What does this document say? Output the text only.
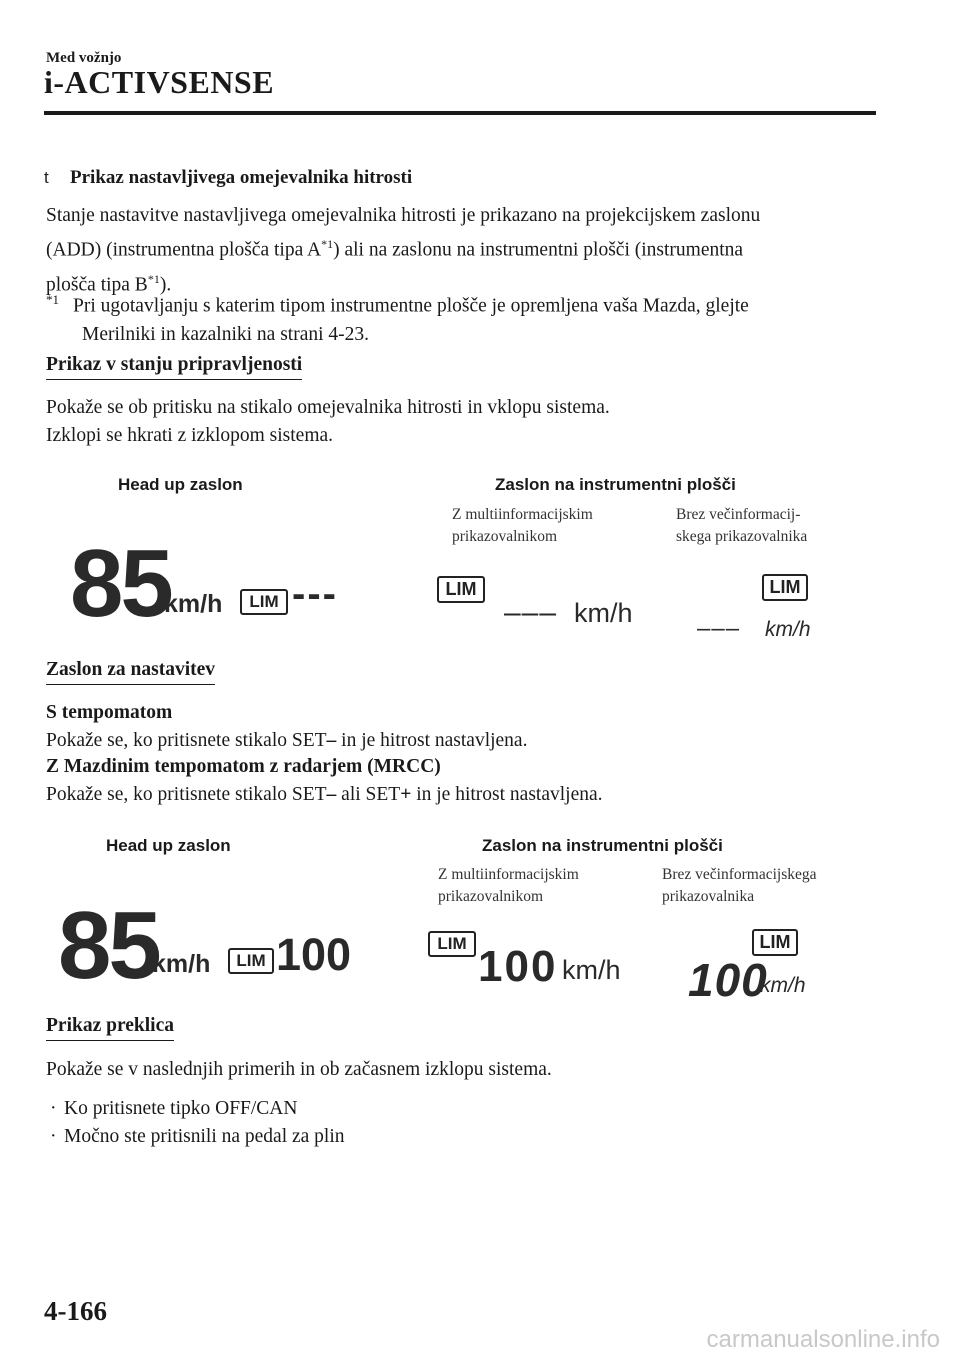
Med vožnjo
i-ACTIVSENSE
t Prikaz nastavljivega omejevalnika hitrosti
Stanje nastavitve nastavljivega omejevalnika hitrosti je prikazano na projekcijskem zaslonu
(ADD) (instrumentna plošča tipa $A^{*1}$) ali na zaslonu na instrumentni plošči (instrumentna
plošča tipa $B^{*1}$).
$^{*1}$ Pri ugotavljanju s katerim tipom instrumentne plošče je opremljena vaša Mazda, glejte
Merilniki in kazalniki na strani 4-23.
Prikaz v stanju pripravljenosti
Pokaže se ob pritisku na stikalo omejevalnika hitrosti in vklopu sistema.
Izklopi se hkrati z izklopom sistema.
Head up zaslon	Zaslon na instrumentni plošči
Z multiinformacijskim
prikazovalnikom
Brez večinformacij-
skega prikazovalnika
85
km/h	LIM ---	LIM
––– km/h
LIM
––– km/h
Zaslon za nastavitev
S tempomatom
Pokaže se, ko pritisnete stikalo SET– in je hitrost nastavljena.
Z Mazdinim tempomatom z radarjem (MRCC)
Pokaže se, ko pritisnete stikalo SET– ali SET+ in je hitrost nastavljena.
Head up zaslon	Zaslon na instrumentni plošči
Z multiinformacijskim
prikazovalnikom
Brez večinformacijskega
prikazovalnika
85
km/h	LIM 100	LIM 100 km/h
LIM
100
km/h
Prikaz preklica
Pokaže se v naslednjih primerih in ob začasnem izklopu sistema.
· Ko pritisnete tipko OFF/CAN
· Močno ste pritisnili na pedal za plin
4-166
carmanualsonline.info
